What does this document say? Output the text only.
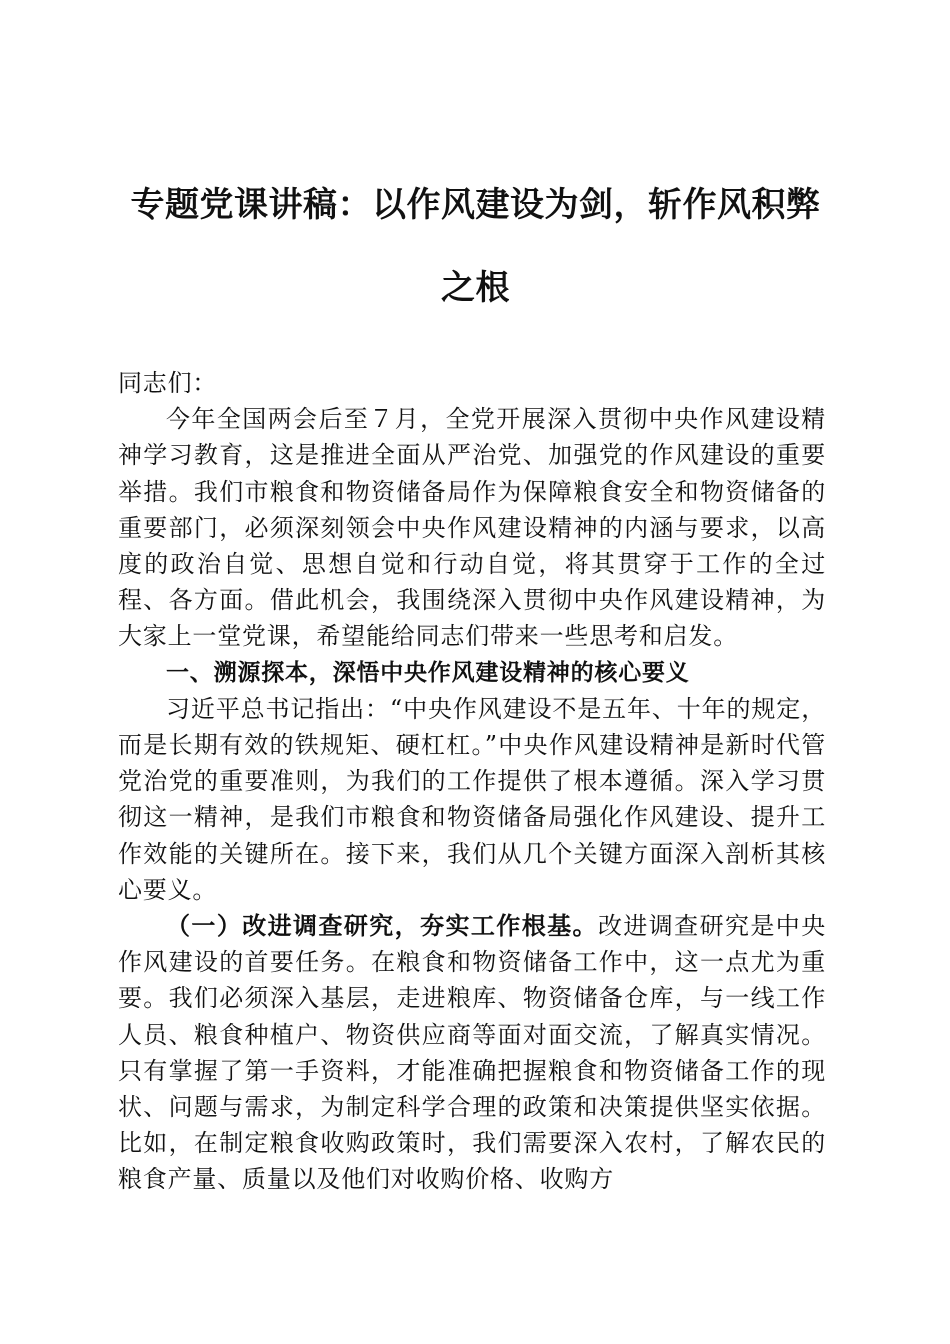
专题党课讲稿：以作风建设为剑，斩作风积弊之根

同志们：

今年全国两会后至７月，全党开展深入贯彻中央作风建设精神学习教育，这是推进全面从严治党、加强党的作风建设的重要举措。我们市粮食和物资储备局作为保障粮食安全和物资储备的重要部门，必须深刻领会中央作风建设精神的内涵与要求，以高度的政治自觉、思想自觉和行动自觉，将其贯穿于工作的全过程、各方面。借此机会，我围绕深入贯彻中央作风建设精神，为大家上一堂党课，希望能给同志们带来一些思考和启发。

一、溯源探本，深悟中央作风建设精神的核心要义

习近平总书记指出：“中央作风建设不是五年、十年的规定，而是长期有效的铁规矩、硬杠杠。”中央作风建设精神是新时代管党治党的重要准则，为我们的工作提供了根本遵循。深入学习贯彻这一精神，是我们市粮食和物资储备局强化作风建设、提升工作效能的关键所在。接下来，我们从几个关键方面深入剖析其核心要义。

（一）改进调查研究，夯实工作根基。改进调查研究是中央作风建设的首要任务。在粮食和物资储备工作中，这一点尤为重要。我们必须深入基层，走进粮库、物资储备仓库，与一线工作人员、粮食种植户、物资供应商等面对面交流，了解真实情况。只有掌握了第一手资料，才能准确把握粮食和物资储备工作的现状、问题与需求，为制定科学合理的政策和决策提供坚实依据。比如，在制定粮食收购政策时，我们需要深入农村，了解农民的粮食产量、质量以及他们对收购价格、收购方
